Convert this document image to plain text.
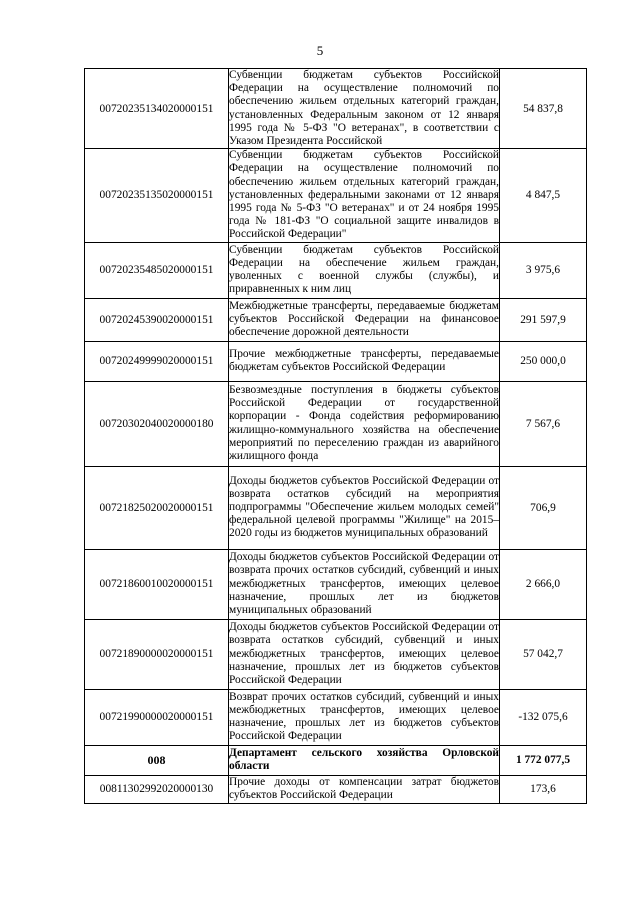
5
00720235134020000151	Субвенции бюджетам субъектов Российской Федерации на осуществление полномочий по обеспечению жильем отдельных категорий граждан, установленных Федеральным законом от 12 января 1995 года № 5-ФЗ "О ветеранах", в соответствии с Указом Президента Российской	54 837,8
00720235135020000151	Субвенции бюджетам субъектов Российской Федерации на осуществление полномочий по обеспечению жильем отдельных категорий граждан, установленных федеральными законами от 12 января 1995 года № 5-ФЗ "О ветеранах" и от 24 ноября 1995 года № 181-ФЗ "О социальной защите инвалидов в Российской Федерации"	4 847,5
00720235485020000151	Субвенции бюджетам субъектов Российской Федерации на обеспечение жильем граждан, уволенных с военной службы (службы), и приравненных к ним лиц	3 975,6
00720245390020000151	Межбюджетные трансферты, передаваемые бюджетам субъектов Российской Федерации на финансовое обеспечение дорожной деятельности	291 597,9
00720249999020000151	Прочие межбюджетные трансферты, передаваемые бюджетам субъектов Российской Федерации	250 000,0
00720302040020000180	Безвозмездные поступления в бюджеты субъектов Российской Федерации от государственной корпорации - Фонда содействия реформированию жилищно-коммунального хозяйства на обеспечение мероприятий по переселению граждан из аварийного жилищного фонда	7 567,6
00721825020020000151	Доходы бюджетов субъектов Российской Федерации от возврата остатков субсидий на мероприятия подпрограммы "Обеспечение жильем молодых семей" федеральной целевой программы "Жилище" на 2015–2020 годы из бюджетов муниципальных образований	706,9
00721860010020000151	Доходы бюджетов субъектов Российской Федерации от возврата прочих остатков субсидий, субвенций и иных межбюджетных трансфертов, имеющих целевое назначение, прошлых лет из бюджетов муниципальных образований	2 666,0
00721890000020000151	Доходы бюджетов субъектов Российской Федерации от возврата остатков субсидий, субвенций и иных межбюджетных трансфертов, имеющих целевое назначение, прошлых лет из бюджетов субъектов Российской Федерации	57 042,7
00721990000020000151	Возврат прочих остатков субсидий, субвенций и иных межбюджетных трансфертов, имеющих целевое назначение, прошлых лет из бюджетов субъектов Российской Федерации	-132 075,6
008	Департамент сельского хозяйства Орловской области	1 772 077,5
00811302992020000130	Прочие доходы от компенсации затрат бюджетов субъектов Российской Федерации	173,6
